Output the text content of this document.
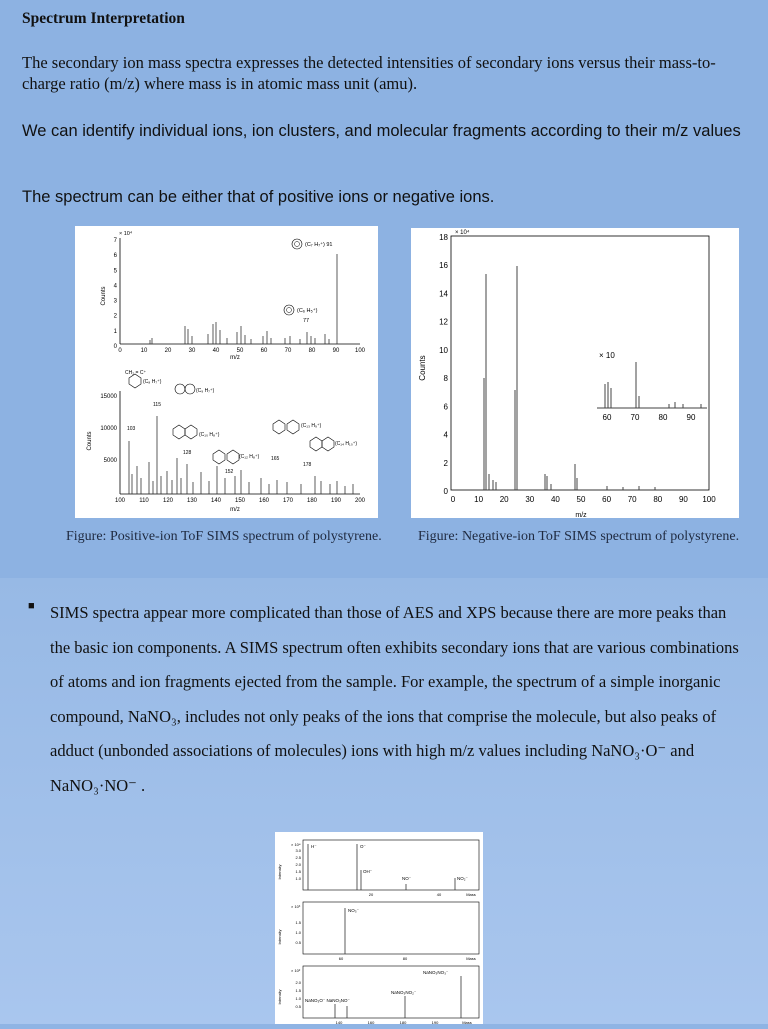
Spectrum Interpretation
The secondary ion mass spectra expresses the detected intensities of secondary ions versus their mass-to-charge ratio (m/z) where mass is in atomic mass unit (amu).
We can identify individual ions, ion clusters, and molecular fragments according to their m/z values
The spectrum can be either that of positive ions or negative ions.
× 10⁴
0
1
2
3
4
5
6
7
0	10	20	30	40	50	60	70	80	90	100
m/z
Counts
(C₇ H₇⁺) 91
(C₆ H₅⁺)
77
5000
10000
15000
100 110 120 130 140 150 160 170 180 190 200
m/z
Counts
CH₂ = C⁺
(C₈ H₇⁺)
103
(C₉ H₇⁺)
115
(C₁₀ H₈⁺)
128
(C₁₂ H₈⁺)
152
165
(C₁₃ H₉⁺)
(C₁₄ H₁₀⁺)
178
Figure: Positive-ion ToF SIMS spectrum of polystyrene.
× 10⁴
0
2
4
6
8
10
12
14
16
18
0 10 20 30 40 50 60 70 80 90 100
m/z
Counts	× 10
60 70 80 90
Figure: Negative-ion ToF SIMS spectrum of polystyrene.
■ SIMS spectra appear more complicated than those of AES and XPS because there are more peaks than the basic ion components. A SIMS spectrum often exhibits secondary ions that are various combinations of atoms and ion fragments ejected from the sample. For example, the spectrum of a simple inorganic compound, NaNO₃, includes not only peaks of the ions that comprise the molecule, but also peaks of adduct (unbonded associations of molecules) ions with high m/z values including NaNO₃·O⁻ and NaNO₃·NO⁻ .
× 10⁴
Intensity
3.0
2.5
2.0
1.5
1.0
H⁻	O⁻
OH⁻
NO⁻	NO₂⁻
20	40	Mass
× 10³
Intensity
1.5
1.0
0.5
NO₃⁻
60	80	Mass
× 10²
Intensity
2.0
1.5
1.0
0.5
NaNO₃NO₃⁻
NaNO₃NO₂⁻
NaNO₃O⁻ NaNO₃NO⁻
140	160	180	190	Mass
